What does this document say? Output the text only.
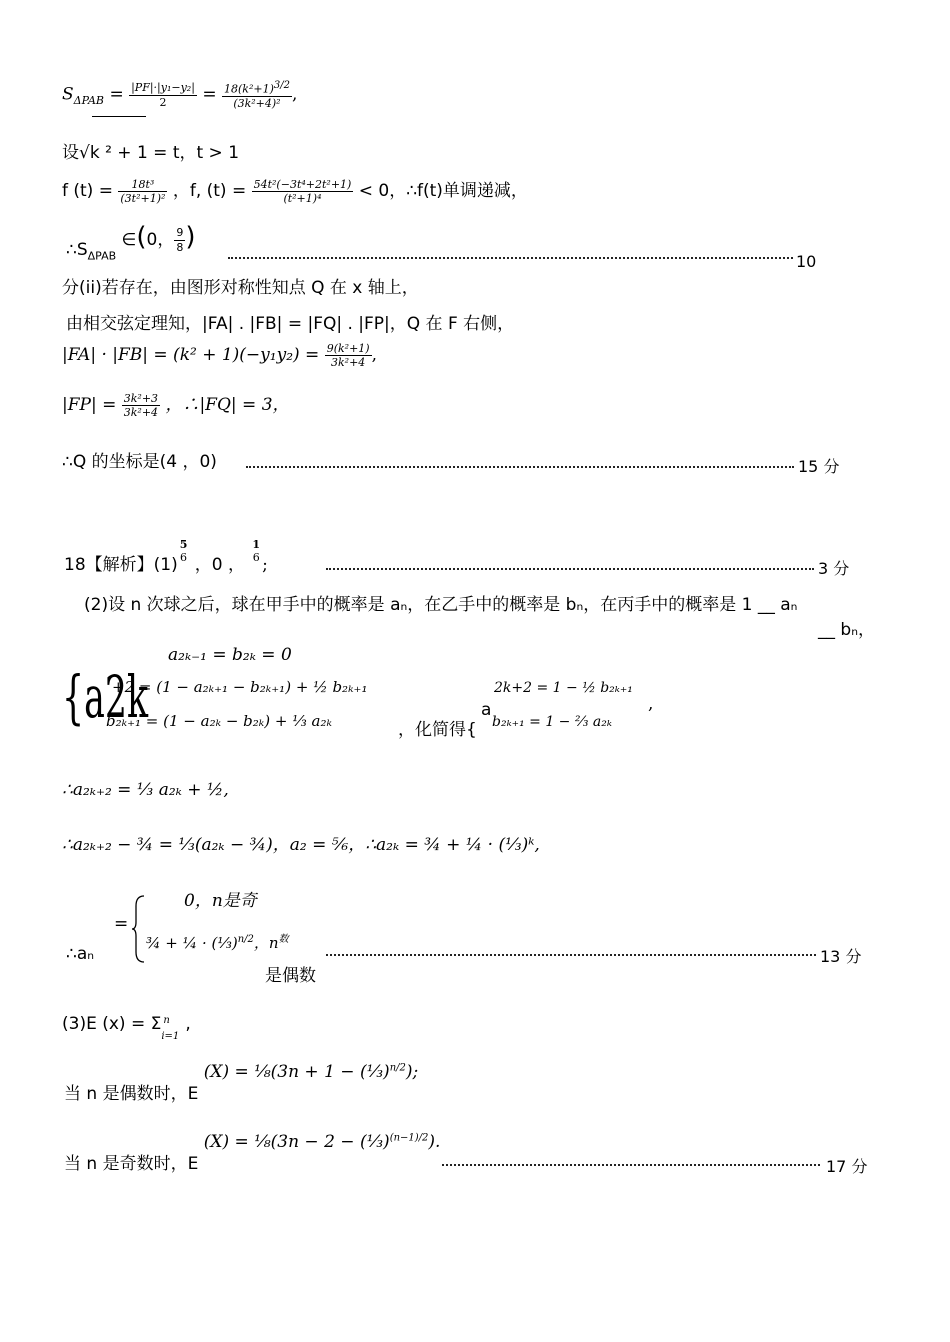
$S_{\Delta PAB} = \frac{\text{|PF|·|y₁−y₂|}}{2} = \frac{18(k^2+1)^{3/2}}{\text{(3k²+4)²}}$ ,
设√k ² + 1 = t，t > 1
f $(t) = \frac{\text{18t³}}{\text{(3t²+1)²}}$ ，f, $(t) = \frac{\text{54t²(−3t⁴+2t²+1)}}{\text{(t²+1)⁴}} < 0$，∴f(t)单调递减，
$\therefore S_{\Delta PAB}$ ∈(0， $\frac{9}{8}$ )
10
分(ii)若存在，由图形对称性知点 Q 在 x 轴上，
由相交弦定理知，|FA| . |FB| = |FQ| . |FP|，Q 在 F 右侧，
$|FA| \cdot |FB| = (k^2 + 1)(-y_1y_2) = \frac{\text{9(k²+1)}}{\text{3k²+4}}$ ,
$|FP| = \frac{\text{3k²+3}}{\text{3k²+4}}$ ，∴|FQ| = 3，
∴Q 的坐标是(4 ，0)	15 分
18【解析】(1)
5
6 ，0 ，
1
6 ;	3 分
(2)设 n 次球之后，球在甲手中的概率是 aₙ，在乙手中的概率是 bₙ，在丙手中的概率是 1 __ aₙ
__ bₙ，
a₂ₖ₋₁ = b₂ₖ = 0
{a2k
+2 = (1 − a₂ₖ₊₁ − b₂ₖ₊₁) + ½ b₂ₖ₊₁
b₂ₖ₊₁ = (1 − a₂ₖ − b₂ₖ) + ⅓ a₂ₖ	，化简得{
2k+2 = 1 − ½ b₂ₖ₊₁
a
b₂ₖ₊₁ = 1 − ⅔ a₂ₖ
,
∴a₂ₖ₊₂ = ⅓ a₂ₖ + ½,
∴a₂ₖ₊₂ − ¾ = ⅓(a₂ₖ − ¾)，a₂ = ⅚，∴a₂ₖ = ¾ + ¼ · (⅓)ᵏ,
∴aₙ
=
0，n是奇
¾ + ¼ · (⅓)$^{n/2}$，$n^数$
是偶数
13 分
(3)E (x) = Σ n
i=1
,
当 n 是偶数时，E (X) = ⅛(3n + 1 − (⅓)$^{n/2}$);
当 n 是奇数时，E (X) = ⅛(3n − 2 − (⅓)$^{(n-1)/2}$).
17 分
